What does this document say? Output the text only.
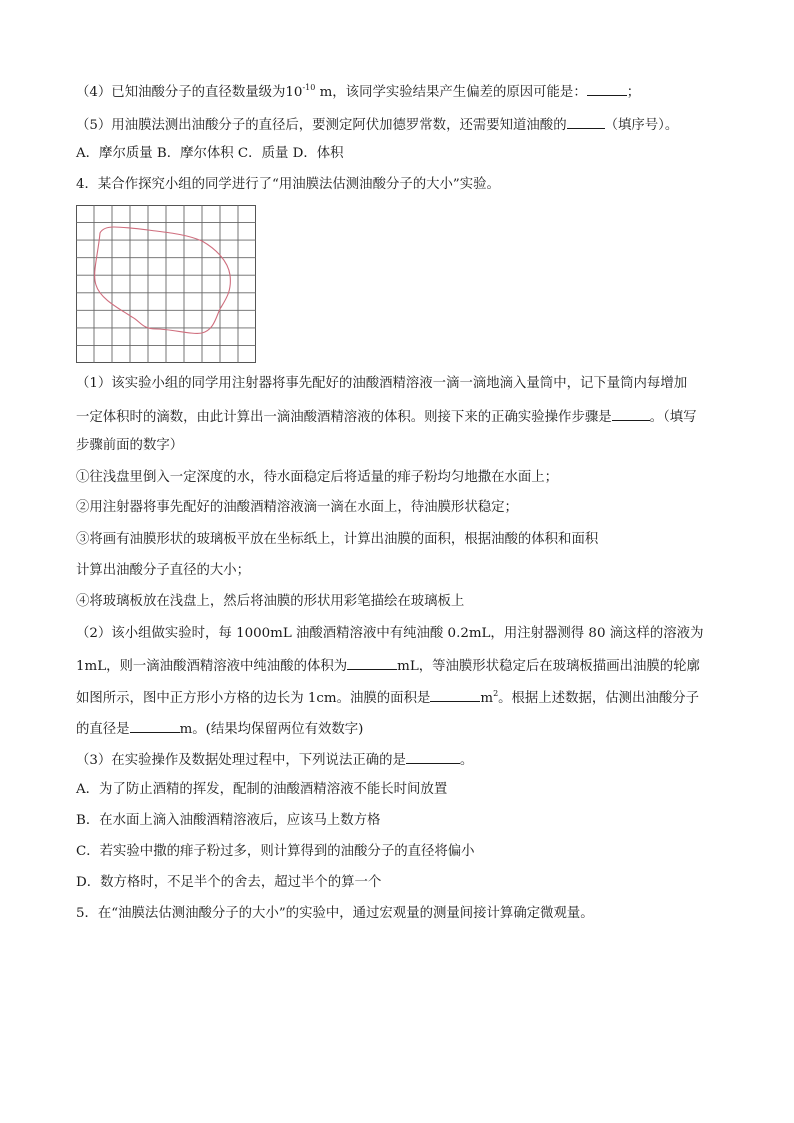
（4）已知油酸分子的直径数量级为$10^{-10}$ m，该同学实验结果产生偏差的原因可能是：	；
（5）用油膜法测出油酸分子的直径后，要测定阿伏加德罗常数，还需要知道油酸的	（填序号）。
A．摩尔质量 B．摩尔体积 C．质量 D．体积
4．某合作探究小组的同学进行了“用油膜法估测油酸分子的大小”实验。
（1）该实验小组的同学用注射器将事先配好的油酸酒精溶液一滴一滴地滴入量筒中，记下量筒内每增加
一定体积时的滴数，由此计算出一滴油酸酒精溶液的体积。则接下来的正确实验操作步骤是	。（填写
步骤前面的数字）
①往浅盘里倒入一定深度的水，待水面稳定后将适量的痱子粉均匀地撒在水面上；
②用注射器将事先配好的油酸酒精溶液滴一滴在水面上，待油膜形状稳定；
③将画有油膜形状的玻璃板平放在坐标纸上，计算出油膜的面积，根据油酸的体积和面积
计算出油酸分子直径的大小；
④将玻璃板放在浅盘上，然后将油膜的形状用彩笔描绘在玻璃板上
（2）该小组做实验时，每 1000mL 油酸酒精溶液中有纯油酸 0.2mL，用注射器测得 80 滴这样的溶液为
1mL，则一滴油酸酒精溶液中纯油酸的体积为	mL，等油膜形状稳定后在玻璃板描画出油膜的轮廓
如图所示，图中正方形小方格的边长为 1cm。油膜的面积是	$m^2$。根据上述数据，估测出油酸分子
的直径是	m。(结果均保留两位有效数字)
（3）在实验操作及数据处理过程中，下列说法正确的是	。
A．为了防止酒精的挥发，配制的油酸酒精溶液不能长时间放置
B．在水面上滴入油酸酒精溶液后，应该马上数方格
C．若实验中撒的痱子粉过多，则计算得到的油酸分子的直径将偏小
D．数方格时，不足半个的舍去，超过半个的算一个
5．在“油膜法估测油酸分子的大小”的实验中，通过宏观量的测量间接计算确定微观量。
